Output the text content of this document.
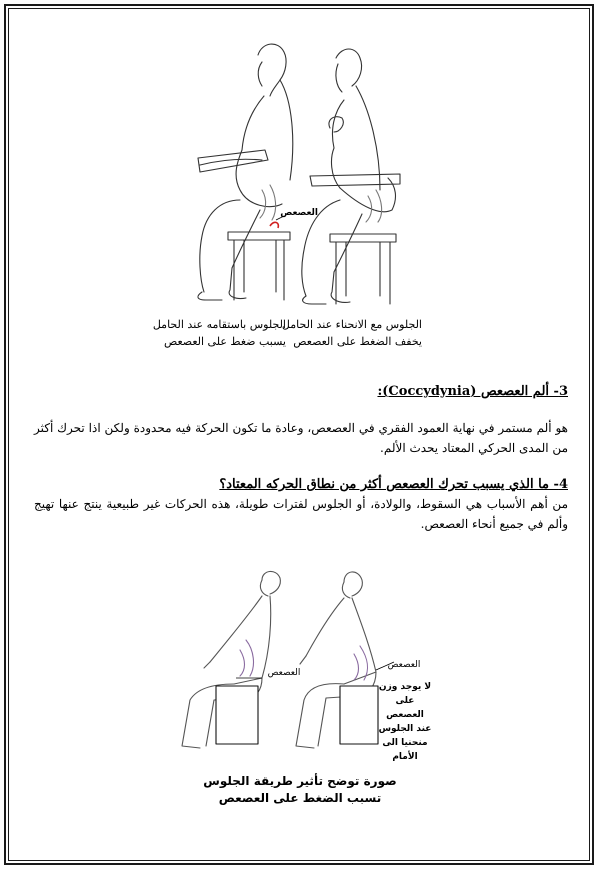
العصعص
الجلوس باستقامه عند الحامل
يسبب ضغط على العصعص
الجلوس مع الانحناء عند الحامل
يخفف الضغط على العصعص
3- ألم العصعص (Coccydynia):
هو ألم مستمر في نهاية العمود الفقري في العصعص، وعادة ما تكون الحركة فيه محدودة ولكن اذا تحرك أكثر من المدى الحركي المعتاد يحدث الألم.
4- ما الذي يسبب تحرك العصعص أكثر من نطاق الحركه المعتاد؟
من أهم الأسباب هي السقوط، والولادة، أو الجلوس لفترات طويلة، هذه الحركات غير طبيعية ينتج عنها تهيج وألم في جميع أنحاء العصعص.
العصعص
العصعص
لا يوجد وزن
على
العصعص
عند الجلوس
منحنيا الى
الأمام
صورة توضح تأثير طريقة الجلوس
تسبب الضغط على العصعص
